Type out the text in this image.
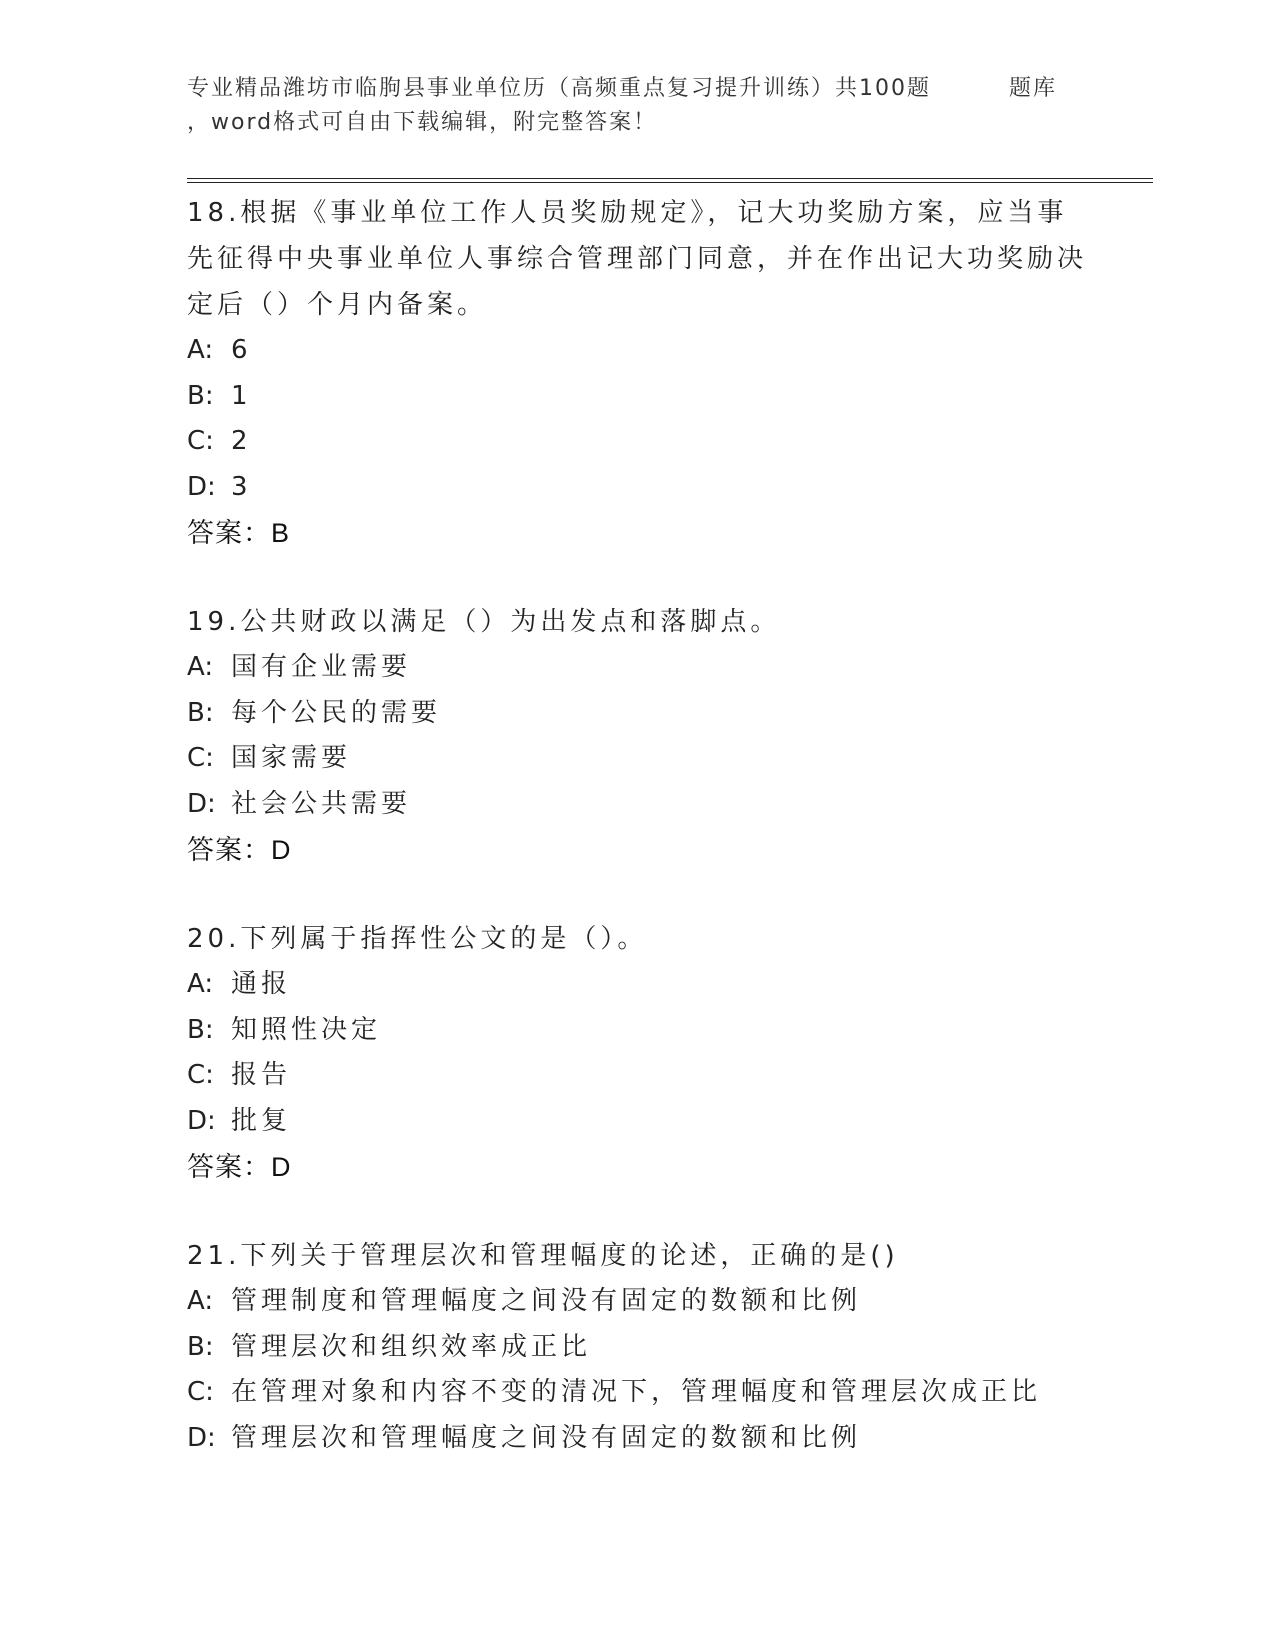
专业精品潍坊市临朐县事业单位历（高频重点复习提升训练）共100题	题库
，word格式可自由下载编辑，附完整答案！

18.根据《事业单位工作人员奖励规定》，记大功奖励方案，应当事先征得中央事业单位人事综合管理部门同意，并在作出记大功奖励决定后（）个月内备案。

A: 6

B: 1

C: 2

D: 3

答案：B

19.公共财政以满足（）为出发点和落脚点。

A: 国有企业需要

B: 每个公民的需要

C: 国家需要

D: 社会公共需要

答案：D

20.下列属于指挥性公文的是（）。

A: 通报

B: 知照性决定

C: 报告

D: 批复

答案：D

21.下列关于管理层次和管理幅度的论述，正确的是()

A: 管理制度和管理幅度之间没有固定的数额和比例

B: 管理层次和组织效率成正比

C: 在管理对象和内容不变的清况下，管理幅度和管理层次成正比

D: 管理层次和管理幅度之间没有固定的数额和比例
